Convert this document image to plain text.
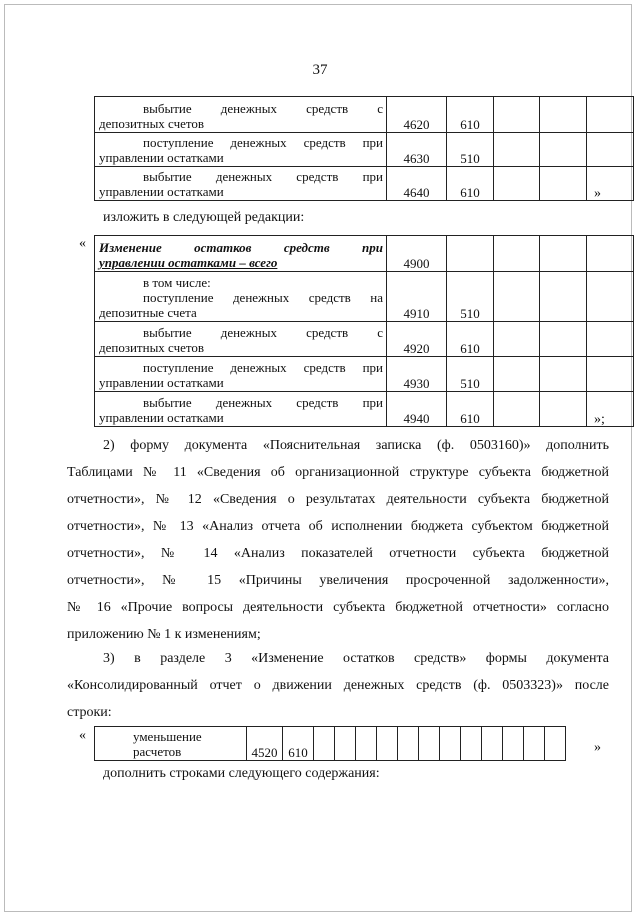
37
выбытие денежных средств с
депозитных счетов	4620	610			

поступление денежных средств при
управлении остатками	4630	510			

выбытие денежных средств при
управлении остатками	4640	610				»
изложить в следующей редакции:
« Изменение остатков средств при
управлении остатками – всего	4900				

в том числе:
поступление денежных средств на
депозитные счета	4910	510			

выбытие денежных средств с
депозитных счетов	4920	610			

поступление денежных средств при
управлении остатками	4930	510			

выбытие денежных средств при
управлении остатками	4940	610				»;
2) форму документа «Пояснительная записка (ф. 0503160)» дополнить
Таблицами № 11 «Сведения об организационной структуре субъекта бюджетной
отчетности», № 12 «Сведения о результатах деятельности субъекта бюджетной
отчетности», № 13 «Анализ отчета об исполнении бюджета субъектом бюджетной
отчетности», № 14 «Анализ показателей отчетности субъекта бюджетной
отчетности», № 15 «Причины увеличения просроченной задолженности»,
№ 16 «Прочие вопросы деятельности субъекта бюджетной отчетности» согласно
приложению № 1 к изменениям;
3) в разделе 3 «Изменение остатков средств» формы документа
«Консолидированный отчет о движении денежных средств (ф. 0503323)» после
строки:
«	уменьшение
расчетов	4520	610													»
дополнить строками следующего содержания:
